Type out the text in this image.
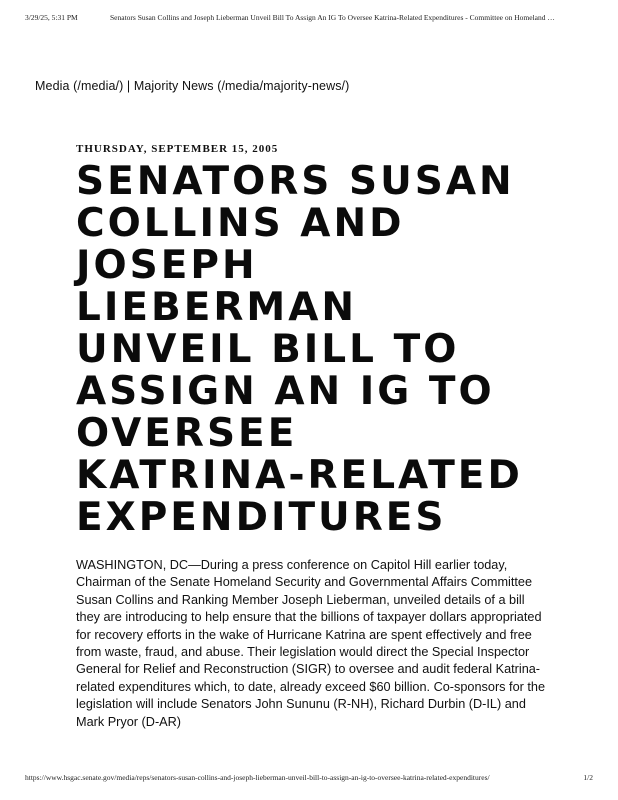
3/29/25, 5:31 PM	Senators Susan Collins and Joseph Lieberman Unveil Bill To Assign An IG To Oversee Katrina-Related Expenditures - Committee on Homeland …
Media (/media/) | Majority News (/media/majority-news/)
THURSDAY, SEPTEMBER 15, 2005
SENATORS SUSAN
COLLINS AND
JOSEPH
LIEBERMAN
UNVEIL BILL TO
ASSIGN AN IG TO
OVERSEE
KATRINA-RELATED
EXPENDITURES

WASHINGTON, DC—During a press conference on Capitol Hill earlier today, Chairman of the Senate Homeland Security and Governmental Affairs Committee Susan Collins and Ranking Member Joseph Lieberman, unveiled details of a bill they are introducing to help ensure that the billions of taxpayer dollars appropriated for recovery efforts in the wake of Hurricane Katrina are spent effectively and free from waste, fraud, and abuse. Their legislation would direct the Special Inspector General for Relief and Reconstruction (SIGR) to oversee and audit federal Katrina-related expenditures which, to date, already exceed $60 billion. Co-sponsors for the legislation will include Senators John Sununu (R-NH), Richard Durbin (D-IL) and Mark Pryor (D-AR)

https://www.hsgac.senate.gov/media/reps/senators-susan-collins-and-joseph-lieberman-unveil-bill-to-assign-an-ig-to-oversee-katrina-related-expenditures/	1/2
